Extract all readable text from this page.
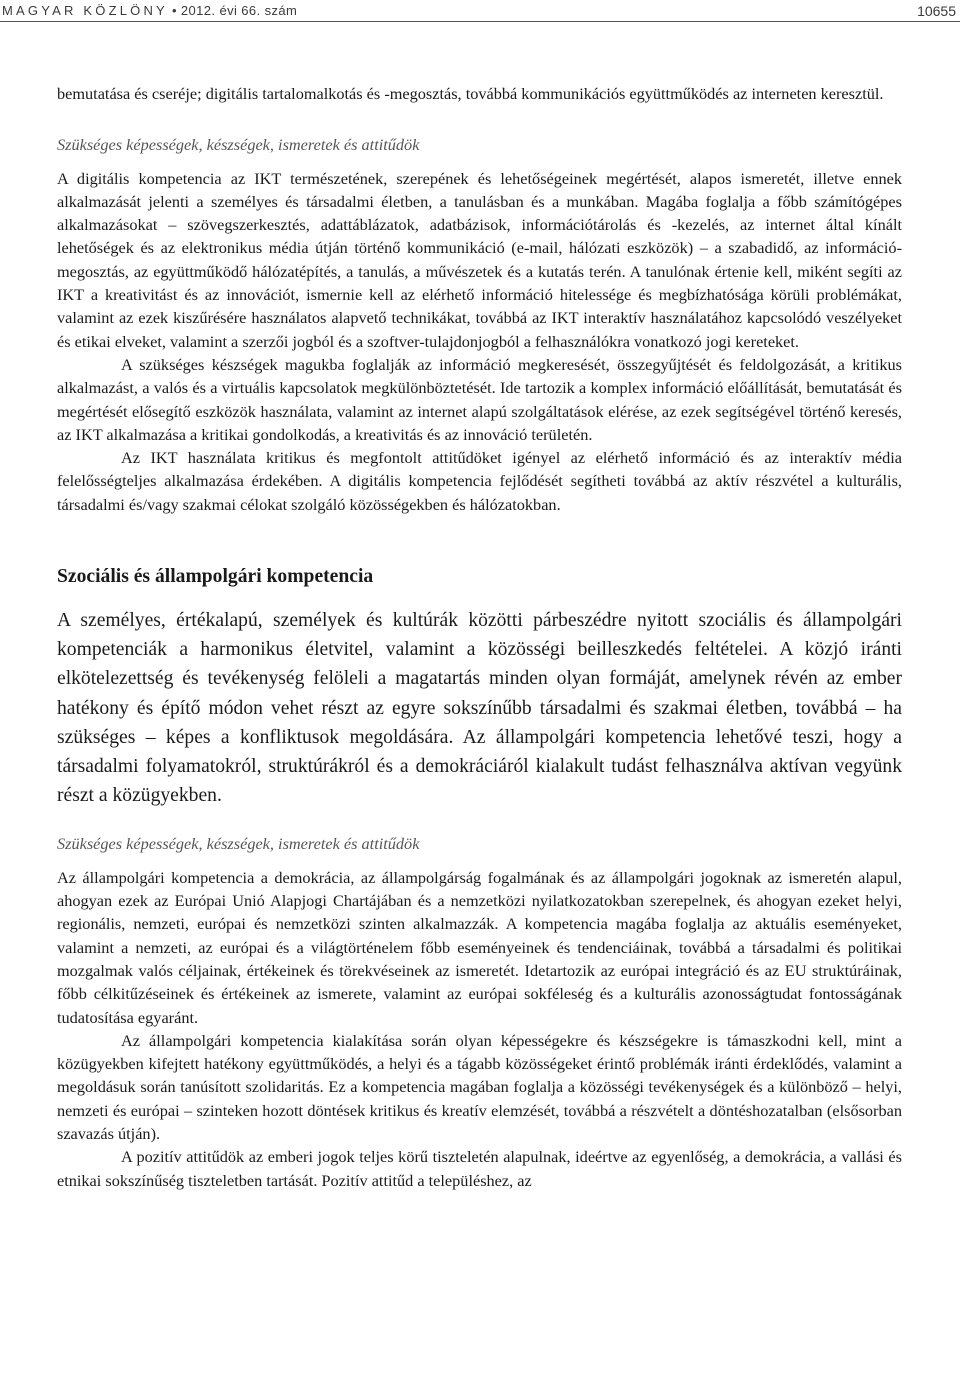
MAGYAR KÖZLÖNY • 2012. évi 66. szám	10655

bemutatása és cseréje; digitális tartalomalkotás és -megosztás, továbbá kommunikációs együttműködés az interneten keresztül.

Szükséges képességek, készségek, ismeretek és attitűdök

A digitális kompetencia az IKT természetének, szerepének és lehetőségeinek megértését, alapos ismeretét, illetve ennek alkalmazását jelenti a személyes és társadalmi életben, a tanulásban és a munkában. Magába foglalja a főbb számítógépes alkalmazásokat – szövegszerkesztés, adattáblázatok, adatbázisok, információtárolás és -kezelés, az internet által kínált lehetőségek és az elektronikus média útján történő kommunikáció (e-mail, hálózati eszközök) – a szabadidő, az információ-megosztás, az együttműködő hálózatépítés, a tanulás, a művészetek és a kutatás terén. A tanulónak értenie kell, miként segíti az IKT a kreativitást és az innovációt, ismernie kell az elérhető információ hitelessége és megbízhatósága körüli problémákat, valamint az ezek kiszűrésére használatos alapvető technikákat, továbbá az IKT interaktív használatához kapcsolódó veszélyeket és etikai elveket, valamint a szerzői jogból és a szoftver-tulajdonjogból a felhasználókra vonatkozó jogi kereteket.

A szükséges készségek magukba foglalják az információ megkeresését, összegyűjtését és feldolgozását, a kritikus alkalmazást, a valós és a virtuális kapcsolatok megkülönböztetését. Ide tartozik a komplex információ előállítását, bemutatását és megértését elősegítő eszközök használata, valamint az internet alapú szolgáltatások elérése, az ezek segítségével történő keresés, az IKT alkalmazása a kritikai gondolkodás, a kreativitás és az innováció területén.

Az IKT használata kritikus és megfontolt attitűdöket igényel az elérhető információ és az interaktív média felelősségteljes alkalmazása érdekében. A digitális kompetencia fejlődését segítheti továbbá az aktív részvétel a kulturális, társadalmi és/vagy szakmai célokat szolgáló közösségekben és hálózatokban.

Szociális és állampolgári kompetencia

A személyes, értékalapú, személyek és kultúrák közötti párbeszédre nyitott szociális és állampolgári kompetenciák a harmonikus életvitel, valamint a közösségi beilleszkedés feltételei. A közjó iránti elkötelezettség és tevékenység felöleli a magatartás minden olyan formáját, amelynek révén az ember hatékony és építő módon vehet részt az egyre sokszínűbb társadalmi és szakmai életben, továbbá – ha szükséges – képes a konfliktusok megoldására. Az állampolgári kompetencia lehetővé teszi, hogy a társadalmi folyamatokról, struktúrákról és a demokráciáról kialakult tudást felhasználva aktívan vegyünk részt a közügyekben.

Szükséges képességek, készségek, ismeretek és attitűdök

Az állampolgári kompetencia a demokrácia, az állampolgárság fogalmának és az állampolgári jogoknak az ismeretén alapul, ahogyan ezek az Európai Unió Alapjogi Chartájában és a nemzetközi nyilatkozatokban szerepelnek, és ahogyan ezeket helyi, regionális, nemzeti, európai és nemzetközi szinten alkalmazzák. A kompetencia magába foglalja az aktuális eseményeket, valamint a nemzeti, az európai és a világtörténelem főbb eseményeinek és tendenciáinak, továbbá a társadalmi és politikai mozgalmak valós céljainak, értékeinek és törekvéseinek az ismeretét. Idetartozik az európai integráció és az EU struktúráinak, főbb célkitűzéseinek és értékeinek az ismerete, valamint az európai sokféleség és a kulturális azonosságtudat fontosságának tudatosítása egyaránt.

Az állampolgári kompetencia kialakítása során olyan képességekre és készségekre is támaszkodni kell, mint a közügyekben kifejtett hatékony együttműködés, a helyi és a tágabb közösségeket érintő problémák iránti érdeklődés, valamint a megoldásuk során tanúsított szolidaritás. Ez a kompetencia magában foglalja a közösségi tevékenységek és a különböző – helyi, nemzeti és európai – szinteken hozott döntések kritikus és kreatív elemzését, továbbá a részvételt a döntéshozatalban (elsősorban szavazás útján).

A pozitív attitűdök az emberi jogok teljes körű tiszteletén alapulnak, ideértve az egyenlőség, a demokrácia, a vallási és etnikai sokszínűség tiszteletben tartását. Pozitív attitűd a településhez, az
